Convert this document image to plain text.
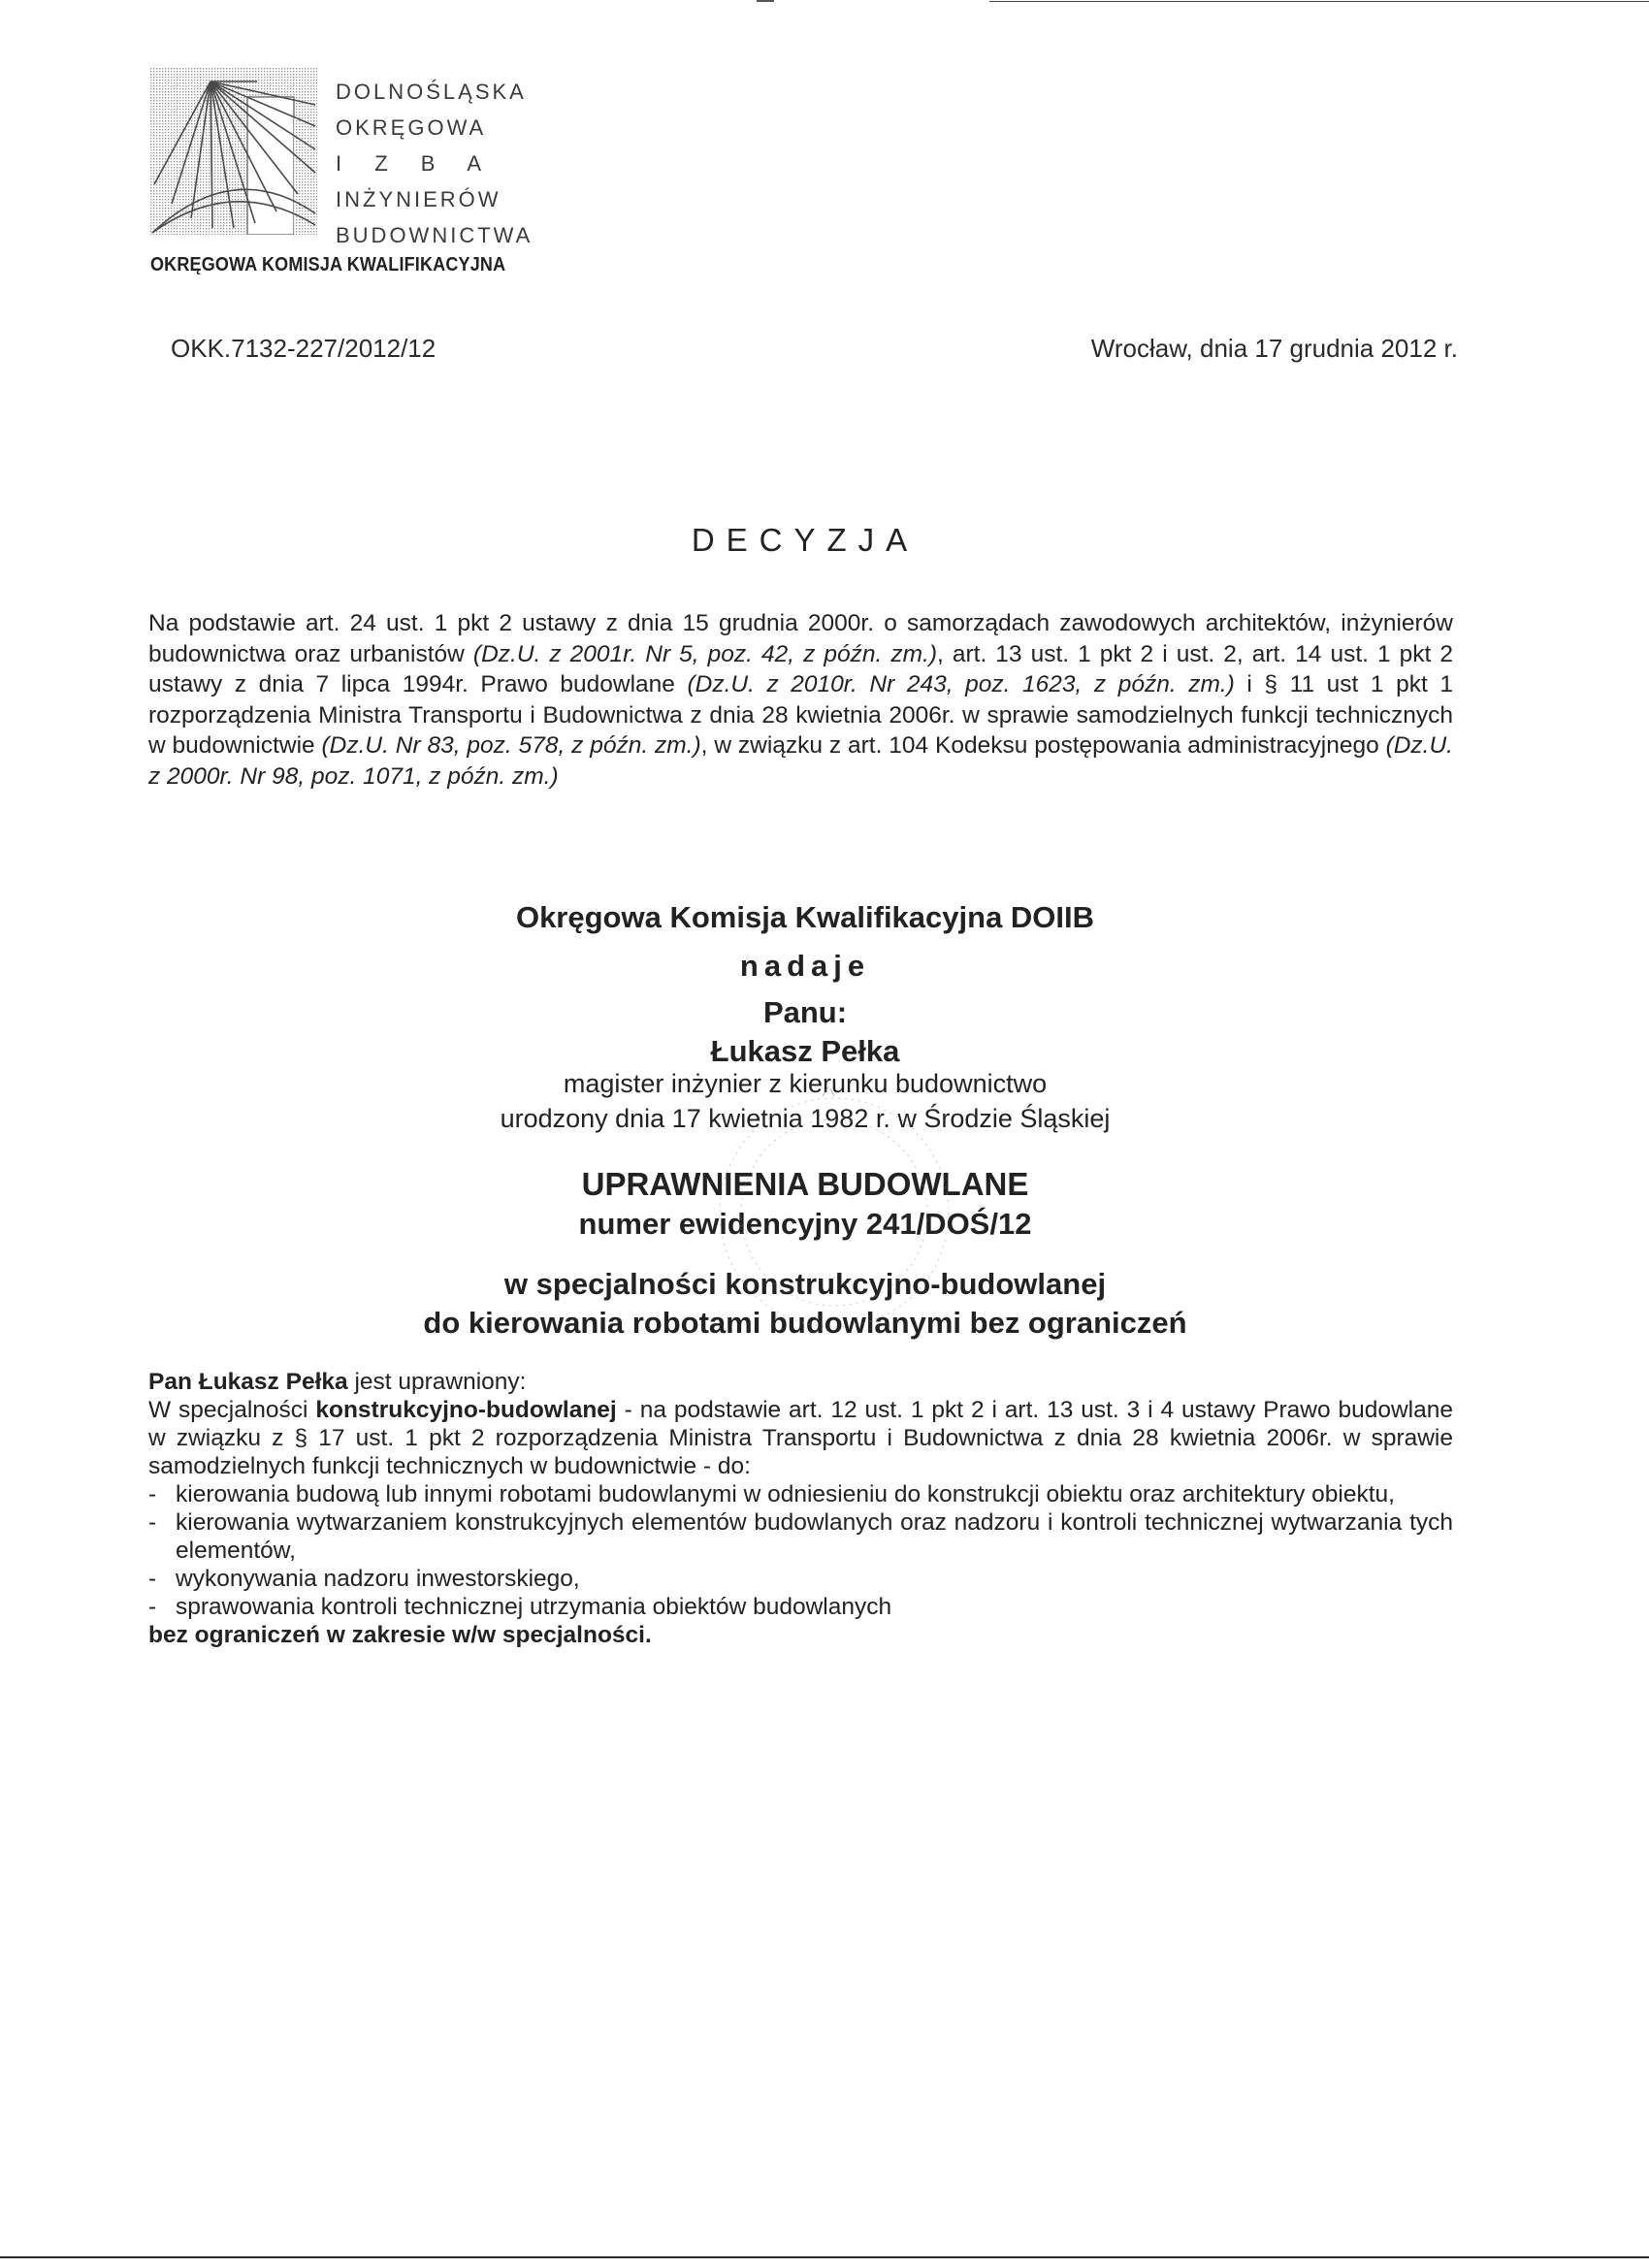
DOLNOŚLĄSKA
OKRĘGOWA
I Z B A
INŻYNIERÓW
BUDOWNICTWA
OKRĘGOWA KOMISJA KWALIFIKACYJNA
OKK.7132-227/2012/12	Wrocław, dnia 17 grudnia 2012 r.
DECYZJA
Na podstawie art. 24 ust. 1 pkt 2 ustawy z dnia 15 grudnia 2000r. o samorządach zawodowych architektów, inżynierów budownictwa oraz urbanistów (Dz.U. z 2001r. Nr 5, poz. 42, z późn. zm.), art. 13 ust. 1 pkt 2 i ust. 2, art. 14 ust. 1 pkt 2 ustawy z dnia 7 lipca 1994r. Prawo budowlane (Dz.U. z 2010r. Nr 243, poz. 1623, z późn. zm.) i § 11 ust 1 pkt 1 rozporządzenia Ministra Transportu i Budownictwa z dnia 28 kwietnia 2006r. w sprawie samodzielnych funkcji technicznych w budownictwie (Dz.U. Nr 83, poz. 578, z późn. zm.), w związku z art. 104 Kodeksu postępowania administracyjnego (Dz.U. z 2000r. Nr 98, poz. 1071, z późn. zm.)
Okręgowa Komisja Kwalifikacyjna DOIIB
nadaje
Panu:
Łukasz Pełka
magister inżynier z kierunku budownictwo
urodzony dnia 17 kwietnia 1982 r. w Środzie Śląskiej
UPRAWNIENIA BUDOWLANE
numer ewidencyjny 241/DOŚ/12
w specjalności konstrukcyjno-budowlanej
do kierowania robotami budowlanymi bez ograniczeń

Pan Łukasz Pełka jest uprawniony:

W specjalności konstrukcyjno-budowlanej - na podstawie art. 12 ust. 1 pkt 2 i art. 13 ust. 3 i 4 ustawy Prawo budowlane w związku z § 17 ust. 1 pkt 2 rozporządzenia Ministra Transportu i Budownictwa z dnia 28 kwietnia 2006r. w sprawie samodzielnych funkcji technicznych w budownictwie - do:

- kierowania budową lub innymi robotami budowlanymi w odniesieniu do konstrukcji obiektu oraz architektury obiektu,
- kierowania wytwarzaniem konstrukcyjnych elementów budowlanych oraz nadzoru i kontroli technicznej wytwarzania tych elementów,
- wykonywania nadzoru inwestorskiego,
- sprawowania kontroli technicznej utrzymania obiektów budowlanych

bez ograniczeń w zakresie w/w specjalności.
